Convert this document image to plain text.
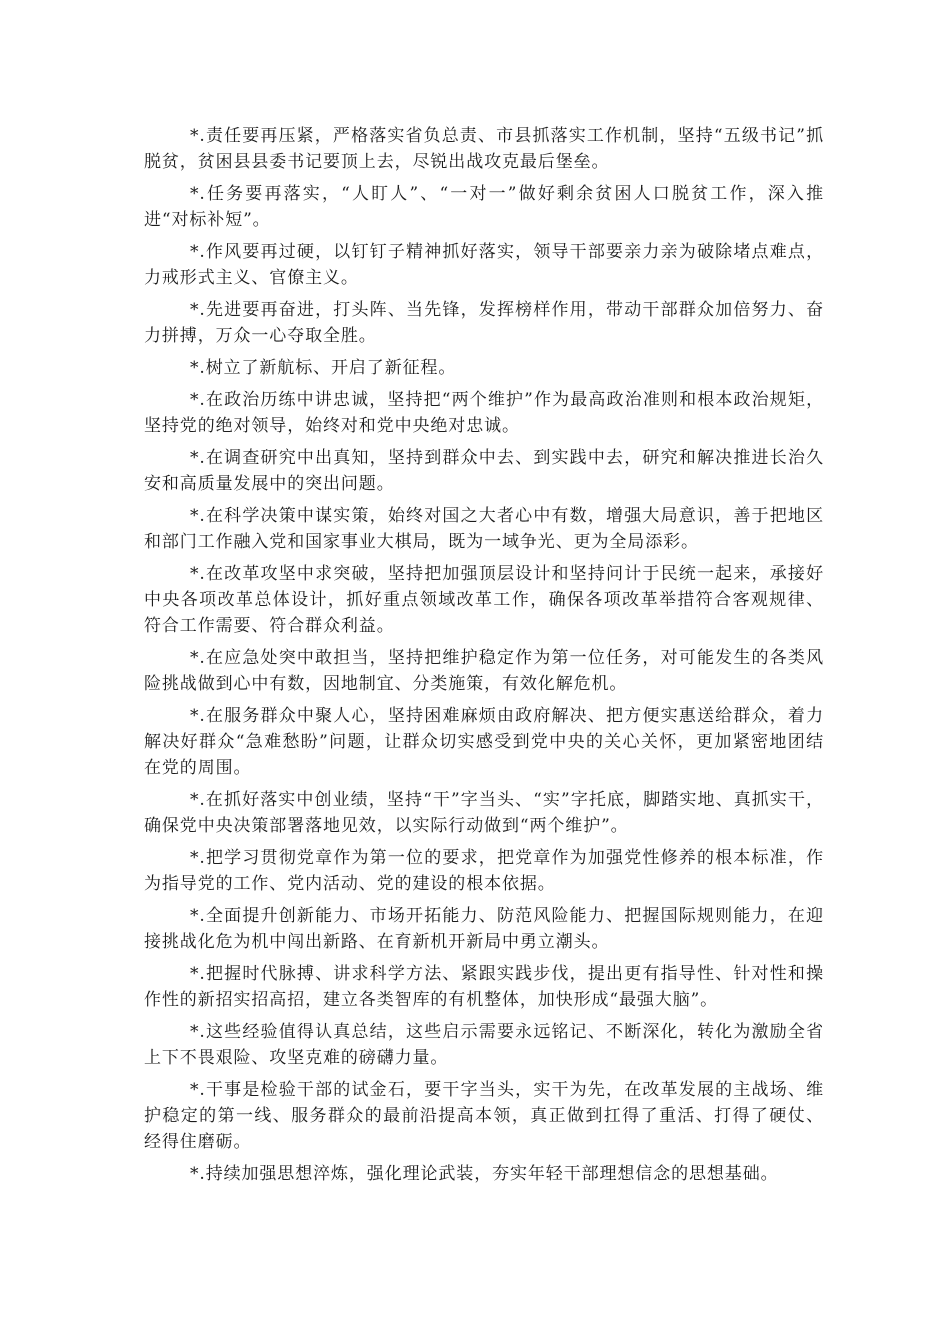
*.责任要再压紧，严格落实省负总责、市县抓落实工作机制，坚持“五级书记”抓脱贫，贫困县县委书记要顶上去，尽锐出战攻克最后堡垒。

*.任务要再落实，“人盯人”、“一对一”做好剩余贫困人口脱贫工作，深入推进“对标补短”。

*.作风要再过硬，以钉钉子精神抓好落实，领导干部要亲力亲为破除堵点难点，力戒形式主义、官僚主义。

*.先进要再奋进，打头阵、当先锋，发挥榜样作用，带动干部群众加倍努力、奋力拼搏，万众一心夺取全胜。

*.树立了新航标、开启了新征程。

*.在政治历练中讲忠诚，坚持把“两个维护”作为最高政治准则和根本政治规矩，坚持党的绝对领导，始终对和党中央绝对忠诚。

*.在调查研究中出真知，坚持到群众中去、到实践中去，研究和解决推进长治久安和高质量发展中的突出问题。

*.在科学决策中谋实策，始终对国之大者心中有数，增强大局意识，善于把地区和部门工作融入党和国家事业大棋局，既为一域争光、更为全局添彩。

*.在改革攻坚中求突破，坚持把加强顶层设计和坚持问计于民统一起来，承接好中央各项改革总体设计，抓好重点领域改革工作，确保各项改革举措符合客观规律、符合工作需要、符合群众利益。

*.在应急处突中敢担当，坚持把维护稳定作为第一位任务，对可能发生的各类风险挑战做到心中有数，因地制宜、分类施策，有效化解危机。

*.在服务群众中聚人心，坚持困难麻烦由政府解决、把方便实惠送给群众，着力解决好群众“急难愁盼”问题，让群众切实感受到党中央的关心关怀，更加紧密地团结在党的周围。

*.在抓好落实中创业绩，坚持“干”字当头、“实”字托底，脚踏实地、真抓实干，确保党中央决策部署落地见效，以实际行动做到“两个维护”。

*.把学习贯彻党章作为第一位的要求，把党章作为加强党性修养的根本标准，作为指导党的工作、党内活动、党的建设的根本依据。

*.全面提升创新能力、市场开拓能力、防范风险能力、把握国际规则能力，在迎接挑战化危为机中闯出新路、在育新机开新局中勇立潮头。

*.把握时代脉搏、讲求科学方法、紧跟实践步伐，提出更有指导性、针对性和操作性的新招实招高招，建立各类智库的有机整体，加快形成“最强大脑”。

*.这些经验值得认真总结，这些启示需要永远铭记、不断深化，转化为激励全省上下不畏艰险、攻坚克难的磅礴力量。

*.干事是检验干部的试金石，要干字当头，实干为先，在改革发展的主战场、维护稳定的第一线、服务群众的最前沿提高本领，真正做到扛得了重活、打得了硬仗、经得住磨砺。

*.持续加强思想淬炼，强化理论武装，夯实年轻干部理想信念的思想基础。
